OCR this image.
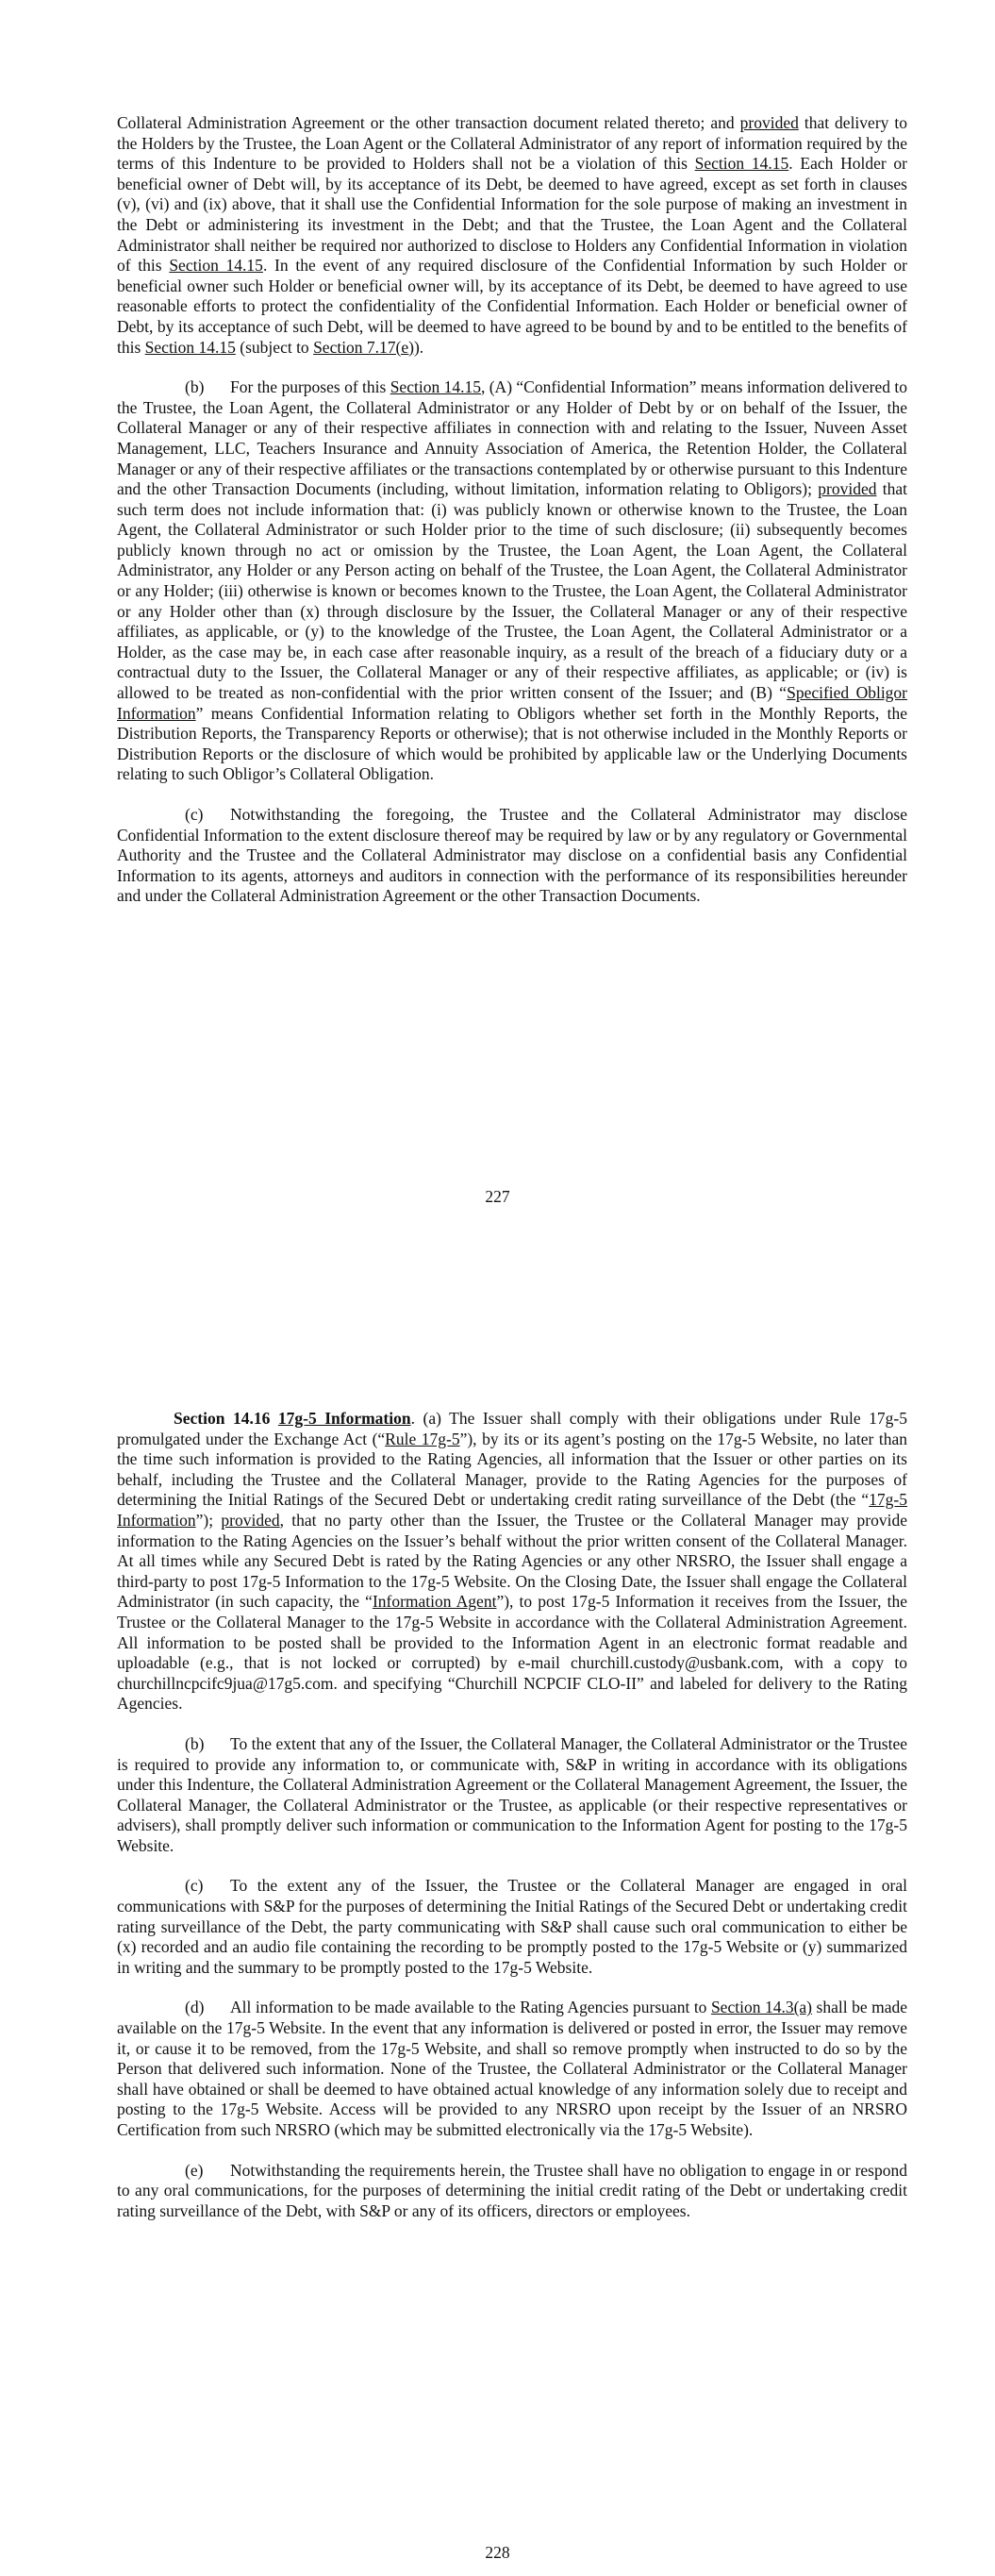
Collateral Administration Agreement or the other transaction document related thereto; and provided that delivery to the Holders by the Trustee, the Loan Agent or the Collateral Administrator of any report of information required by the terms of this Indenture to be provided to Holders shall not be a violation of this Section 14.15. Each Holder or beneficial owner of Debt will, by its acceptance of its Debt, be deemed to have agreed, except as set forth in clauses (v), (vi) and (ix) above, that it shall use the Confidential Information for the sole purpose of making an investment in the Debt or administering its investment in the Debt; and that the Trustee, the Loan Agent and the Collateral Administrator shall neither be required nor authorized to disclose to Holders any Confidential Information in violation of this Section 14.15. In the event of any required disclosure of the Confidential Information by such Holder or beneficial owner such Holder or beneficial owner will, by its acceptance of its Debt, be deemed to have agreed to use reasonable efforts to protect the confidentiality of the Confidential Information. Each Holder or beneficial owner of Debt, by its acceptance of such Debt, will be deemed to have agreed to be bound by and to be entitled to the benefits of this Section 14.15 (subject to Section 7.17(e)).

(b) For the purposes of this Section 14.15, (A) “Confidential Information” means information delivered to the Trustee, the Loan Agent, the Collateral Administrator or any Holder of Debt by or on behalf of the Issuer, the Collateral Manager or any of their respective affiliates in connection with and relating to the Issuer, Nuveen Asset Management, LLC, Teachers Insurance and Annuity Association of America, the Retention Holder, the Collateral Manager or any of their respective affiliates or the transactions contemplated by or otherwise pursuant to this Indenture and the other Transaction Documents (including, without limitation, information relating to Obligors); provided that such term does not include information that: (i) was publicly known or otherwise known to the Trustee, the Loan Agent, the Collateral Administrator or such Holder prior to the time of such disclosure; (ii) subsequently becomes publicly known through no act or omission by the Trustee, the Loan Agent, the Loan Agent, the Collateral Administrator, any Holder or any Person acting on behalf of the Trustee, the Loan Agent, the Collateral Administrator or any Holder; (iii) otherwise is known or becomes known to the Trustee, the Loan Agent, the Collateral Administrator or any Holder other than (x) through disclosure by the Issuer, the Collateral Manager or any of their respective affiliates, as applicable, or (y) to the knowledge of the Trustee, the Loan Agent, the Collateral Administrator or a Holder, as the case may be, in each case after reasonable inquiry, as a result of the breach of a fiduciary duty or a contractual duty to the Issuer, the Collateral Manager or any of their respective affiliates, as applicable; or (iv) is allowed to be treated as non-confidential with the prior written consent of the Issuer; and (B) “Specified Obligor Information” means Confidential Information relating to Obligors whether set forth in the Monthly Reports, the Distribution Reports, the Transparency Reports or otherwise); that is not otherwise included in the Monthly Reports or Distribution Reports or the disclosure of which would be prohibited by applicable law or the Underlying Documents relating to such Obligor’s Collateral Obligation.

(c) Notwithstanding the foregoing, the Trustee and the Collateral Administrator may disclose Confidential Information to the extent disclosure thereof may be required by law or by any regulatory or Governmental Authority and the Trustee and the Collateral Administrator may disclose on a confidential basis any Confidential Information to its agents, attorneys and auditors in connection with the performance of its responsibilities hereunder and under the Collateral Administration Agreement or the other Transaction Documents.

227

Section 14.16 17g-5 Information. (a) The Issuer shall comply with their obligations under Rule 17g-5 promulgated under the Exchange Act (“Rule 17g-5”), by its or its agent’s posting on the 17g-5 Website, no later than the time such information is provided to the Rating Agencies, all information that the Issuer or other parties on its behalf, including the Trustee and the Collateral Manager, provide to the Rating Agencies for the purposes of determining the Initial Ratings of the Secured Debt or undertaking credit rating surveillance of the Debt (the “17g-5 Information”); provided, that no party other than the Issuer, the Trustee or the Collateral Manager may provide information to the Rating Agencies on the Issuer’s behalf without the prior written consent of the Collateral Manager. At all times while any Secured Debt is rated by the Rating Agencies or any other NRSRO, the Issuer shall engage a third-party to post 17g-5 Information to the 17g-5 Website. On the Closing Date, the Issuer shall engage the Collateral Administrator (in such capacity, the “Information Agent”), to post 17g-5 Information it receives from the Issuer, the Trustee or the Collateral Manager to the 17g-5 Website in accordance with the Collateral Administration Agreement. All information to be posted shall be provided to the Information Agent in an electronic format readable and uploadable (e.g., that is not locked or corrupted) by e-mail churchill.custody@usbank.com, with a copy to churchillncpcifc9jua@17g5.com. and specifying “Churchill NCPCIF CLO-II” and labeled for delivery to the Rating Agencies.

(b) To the extent that any of the Issuer, the Collateral Manager, the Collateral Administrator or the Trustee is required to provide any information to, or communicate with, S&P in writing in accordance with its obligations under this Indenture, the Collateral Administration Agreement or the Collateral Management Agreement, the Issuer, the Collateral Manager, the Collateral Administrator or the Trustee, as applicable (or their respective representatives or advisers), shall promptly deliver such information or communication to the Information Agent for posting to the 17g-5 Website.

(c) To the extent any of the Issuer, the Trustee or the Collateral Manager are engaged in oral communications with S&P for the purposes of determining the Initial Ratings of the Secured Debt or undertaking credit rating surveillance of the Debt, the party communicating with S&P shall cause such oral communication to either be (x) recorded and an audio file containing the recording to be promptly posted to the 17g-5 Website or (y) summarized in writing and the summary to be promptly posted to the 17g-5 Website.

(d) All information to be made available to the Rating Agencies pursuant to Section 14.3(a) shall be made available on the 17g-5 Website. In the event that any information is delivered or posted in error, the Issuer may remove it, or cause it to be removed, from the 17g-5 Website, and shall so remove promptly when instructed to do so by the Person that delivered such information. None of the Trustee, the Collateral Administrator or the Collateral Manager shall have obtained or shall be deemed to have obtained actual knowledge of any information solely due to receipt and posting to the 17g-5 Website. Access will be provided to any NRSRO upon receipt by the Issuer of an NRSRO Certification from such NRSRO (which may be submitted electronically via the 17g-5 Website).

(e) Notwithstanding the requirements herein, the Trustee shall have no obligation to engage in or respond to any oral communications, for the purposes of determining the initial credit rating of the Debt or undertaking credit rating surveillance of the Debt, with S&P or any of its officers, directors or employees.

228
